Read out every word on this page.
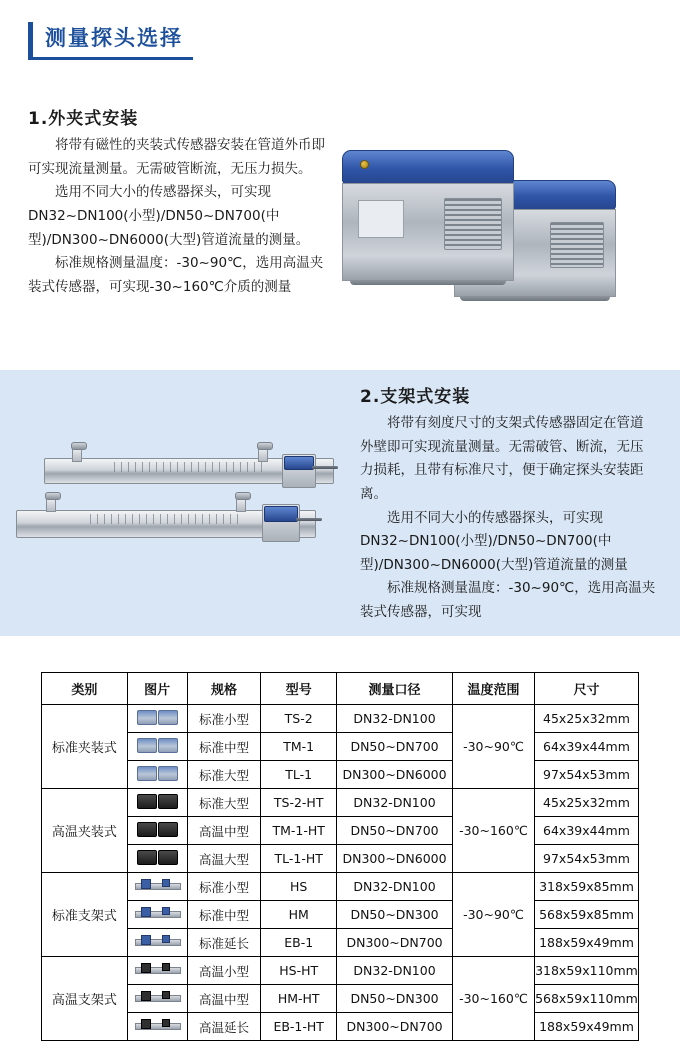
测量探头选择
1.外夹式安装

将带有磁性的夹装式传感器安装在管道外币即可实现流量测量。无需破管断流，无压力损失。

选用不同大小的传感器探头，可实现DN32~DN100(小型)/DN50~DN700(中型)/DN300~DN6000(大型)管道流量的测量。

标准规格测量温度：-30~90℃，选用高温夹装式传感器，可实现-30~160℃介质的测量

2.支架式安装

将带有刻度尺寸的支架式传感器固定在管道外壁即可实现流量测量。无需破管、断流，无压力损耗，且带有标准尺寸，便于确定探头安装距离。

选用不同大小的传感器探头，可实现DN32~DN100(小型)/DN50~DN700(中型)/DN300~DN6000(大型)管道流量的测量

标准规格测量温度：-30~90℃，选用高温夹装式传感器，可实现

类别	图片	规格	型号	测量口径	温度范围	尺寸
标准夹装式		标准小型	TS-2	DN32-DN100	-30~90℃	45x25x32mm
		标准中型	TM-1	DN50~DN700		64x39x44mm
		标准大型	TL-1	DN300~DN6000		97x54x53mm
高温夹装式		标准大型	TS-2-HT	DN32-DN100	-30~160℃	45x25x32mm
		高温中型	TM-1-HT	DN50~DN700		64x39x44mm
		高温大型	TL-1-HT	DN300~DN6000		97x54x53mm
标准支架式		标准小型	HS	DN32-DN100	-30~90℃	318x59x85mm

		标准中型	HM	DN50~DN300		568x59x85mm

		标准延长	EB-1	DN300~DN700		188x59x49mm
高温支架式		高温小型	HS-HT	DN32-DN100	-30~160℃	318x59x110mm

		高温中型	HM-HT	DN50~DN300		568x59x110mm

		高温延长	EB-1-HT	DN300~DN700		188x59x49mm
